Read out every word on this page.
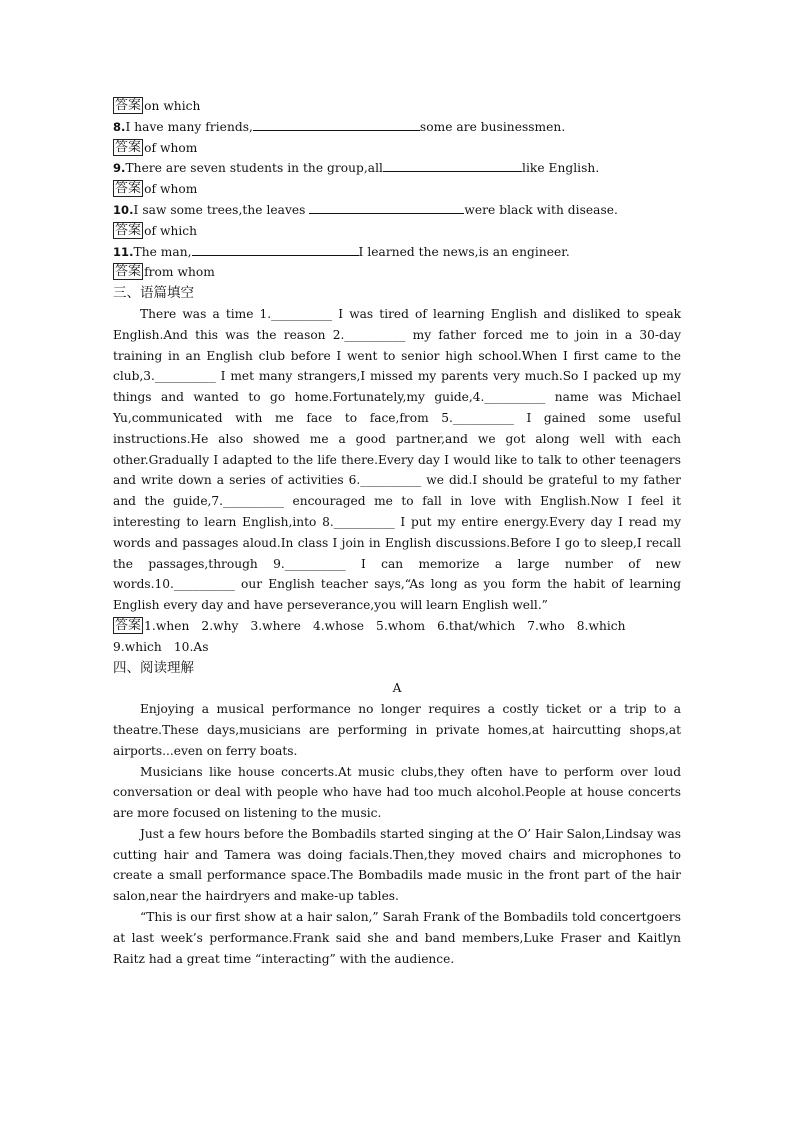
答案 on which
8.I have many friends,	some are businessmen.
答案 of whom
9.There are seven students in the group,all	like English.
答案 of whom
10.I saw some trees,the leaves	were black with disease.
答案 of which
11.The man,	I learned the news,is an engineer.
答案 from whom
三、语篇填空

There was a time 1.__________ I was tired of learning English and disliked to speak English.And this was the reason 2.__________ my father forced me to join in a 30-day training in an English club before I went to senior high school.When I first came to the club,3.__________ I met many strangers,I missed my parents very much.So I packed up my things and wanted to go home.Fortunately,my guide,4.__________ name was Michael Yu,communicated with me face to face,from 5.__________ I gained some useful instructions.He also showed me a good partner,and we got along well with each other.Gradually I adapted to the life there.Every day I would like to talk to other teenagers and write down a series of activities 6.__________ we did.I should be grateful to my father and the guide,7.__________ encouraged me to fall in love with English.Now I feel it interesting to learn English,into 8.__________ I put my entire energy.Every day I read my words and passages aloud.In class I join in English discussions.Before I go to sleep,I recall the passages,through 9.__________ I can memorize a large number of new words.10.__________ our English teacher says,“As long as you form the habit of learning English every day and have perseverance,you will learn English well.”

答案 1.when 2.why 3.where 4.whose 5.whom 6.that/which 7.who 8.which
9.which 10.As
四、阅读理解
A

Enjoying a musical performance no longer requires a costly ticket or a trip to a theatre.These days,musicians are performing in private homes,at haircutting shops,at airports...even on ferry boats.

Musicians like house concerts.At music clubs,they often have to perform over loud conversation or deal with people who have had too much alcohol.People at house concerts are more focused on listening to the music.

Just a few hours before the Bombadils started singing at the O’ Hair Salon,Lindsay was cutting hair and Tamera was doing facials.Then,they moved chairs and microphones to create a small performance space.The Bombadils made music in the front part of the hair salon,near the hairdryers and make-up tables.

“This is our first show at a hair salon,” Sarah Frank of the Bombadils told concertgoers at last week’s performance.Frank said she and band members,Luke Fraser and Kaitlyn Raitz had a great time “interacting” with the audience.
